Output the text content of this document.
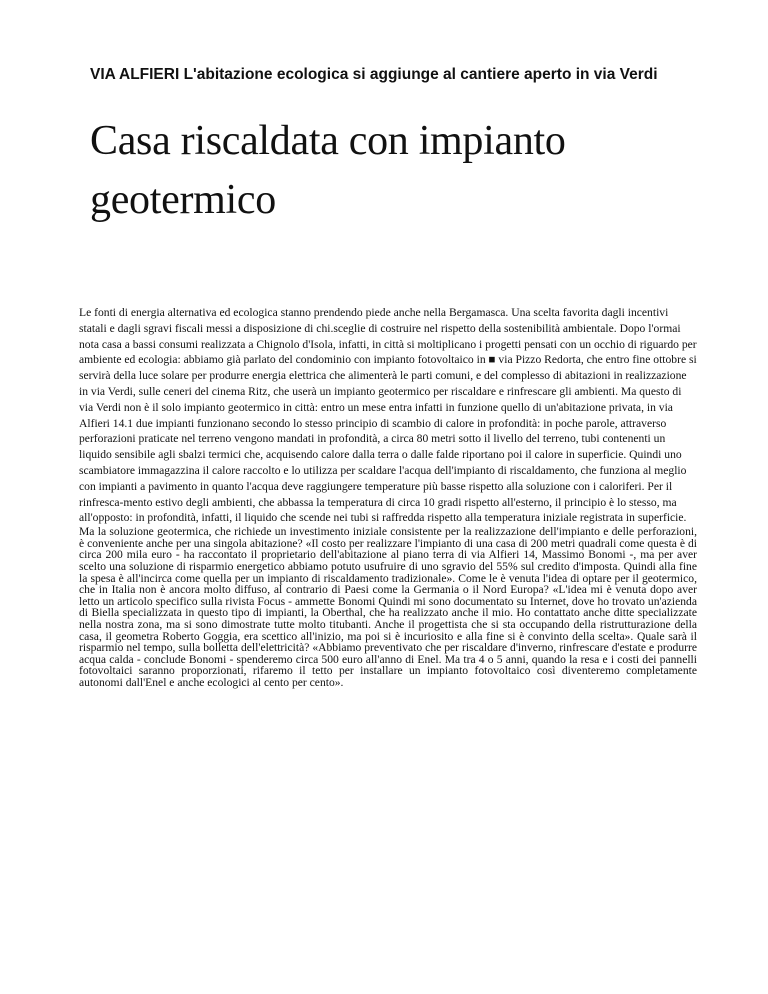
VIA ALFIERI L'abitazione ecologica si aggiunge al cantiere aperto in via Verdi
Casa riscaldata con impianto geotermico

Le fonti di energia alternativa ed ecologica stanno prendendo piede anche nella Bergamasca. Una scelta favorita dagli incentivi statali e dagli sgravi fiscali messi a disposizione di chi.sceglie di costruire nel rispetto della sostenibilità ambientale. Dopo l'ormai nota casa a bassi consumi realizzata a Chignolo d'Isola, infatti, in città si moltiplicano i progetti pensati con un occhio di riguardo per ambiente ed ecologia: abbiamo già parlato del condominio con impianto fotovoltaico in ■ via Pizzo Redorta, che entro fine ottobre si servirà della luce solare per produrre energia elettrica che alimenterà le parti comuni, e del complesso di abitazioni in realizzazione in via Verdi, sulle ceneri del cinema Ritz, che userà un impianto geotermico per riscaldare e rinfrescare gli ambienti. Ma questo di via Verdi non è il solo impianto geotermico in città: entro un mese entra infatti in funzione quello di un'abitazione privata, in via Alfieri 14.1 due impianti funzionano secondo lo stesso principio di scambio di calore in profondità: in poche parole, attraverso perforazioni praticate nel terreno vengono mandati in profondità, a circa 80 metri sotto il livello del terreno, tubi contenenti un liquido sensibile agli sbalzi termici che, acquisendo calore dalla terra o dalle falde riportano poi il calore in superficie. Quindi uno scambiatore immagazzina il calore raccolto e lo utilizza per scaldare l'acqua dell'impianto di riscaldamento, che funziona al meglio con impianti a pavimento in quanto l'acqua deve raggiungere temperature più basse rispetto alla soluzione con i caloriferi. Per il rinfresca-mento estivo degli ambienti, che abbassa la temperatura di circa 10 gradi rispetto all'esterno, il principio è lo stesso, ma all'opposto: in profondità, infatti, il liquido che scende nei tubi si raffredda rispetto alla temperatura iniziale registrata in superficie.

Ma la soluzione geotermica, che richiede un investimento iniziale consistente per la realizzazione dell'impianto e delle perforazioni, è conveniente anche per una singola abitazione? «Il costo per realizzare l'impianto di una casa di 200 metri quadrali come questa è di circa 200 mila euro - ha raccontato il proprietario dell'abitazione al piano terra di via Alfieri 14, Massimo Bonomi -, ma per aver scelto una soluzione di risparmio energetico abbiamo potuto usufruire di uno sgravio del 55% sul credito d'imposta. Quindi alla fine la spesa è all'incirca come quella per un impianto di riscaldamento tradizionale». Come le è venuta l'idea di optare per il geotermico, che in Italia non è ancora molto diffuso, al contrario di Paesi come la Germania o il Nord Europa? «L'idea mi è venuta dopo aver letto un articolo specifico sulla rivista Focus - ammette Bonomi Quindi mi sono documentato su Internet, dove ho trovato un'azienda di Biella specializzata in questo tipo di impianti, la Oberthal, che ha realizzato anche il mio. Ho contattato anche ditte specializzate nella nostra zona, ma si sono dimostrate tutte molto titubanti. Anche il progettista che si sta occupando della ristrutturazione della casa, il geometra Roberto Goggia, era scettico all'inizio, ma poi si è incuriosito e alla fine si è convinto della scelta». Quale sarà il risparmio nel tempo, sulla bolletta dell'elettricità? «Abbiamo preventivato che per riscaldare d'inverno, rinfrescare d'estate e produrre acqua calda - conclude Bonomi - spenderemo circa 500 euro all'anno di Enel. Ma tra 4 o 5 anni, quando la resa e i costi dei pannelli fotovoltaici saranno proporzionati, rifaremo il tetto per installare un impianto fotovoltaico così diventeremo completamente autonomi dall'Enel e anche ecologici al cento per cento».
